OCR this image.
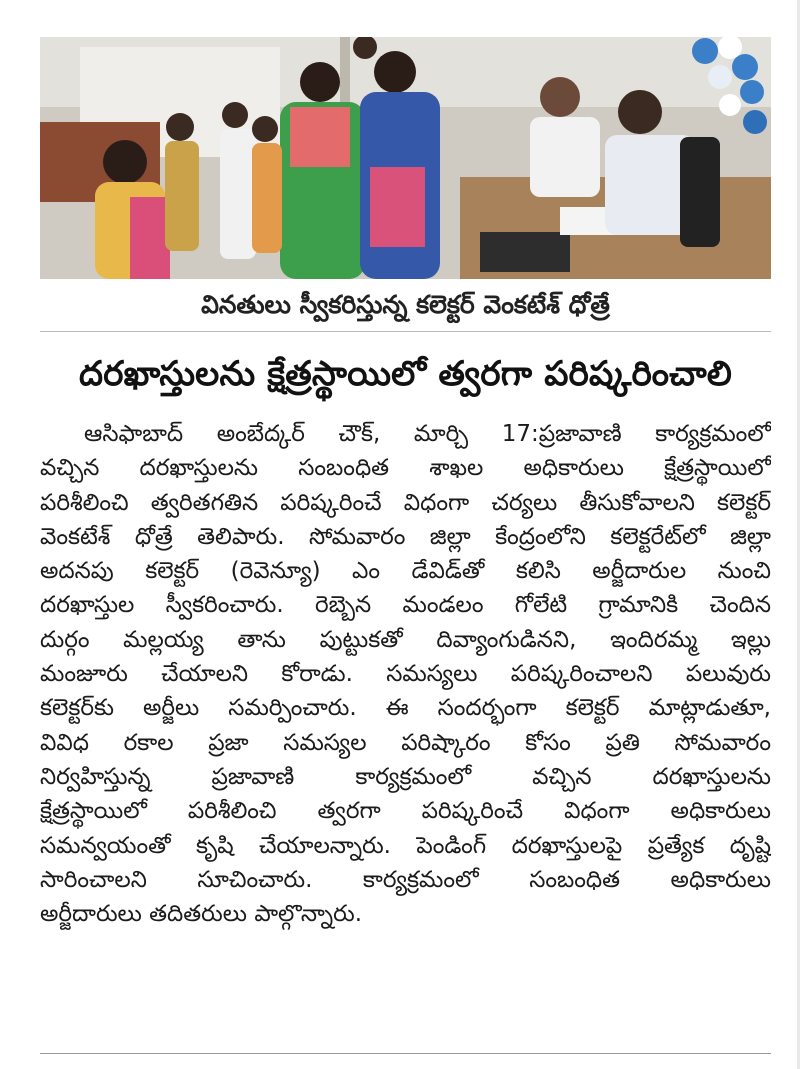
వినతులు స్వీకరిస్తున్న కలెక్టర్ వెంకటేశ్ ధోత్రే
దరఖాస్తులను క్షేత్రస్థాయిలో త్వరగా పరిష్కరించాలి
ఆసిఫాబాద్ అంబేద్కర్ చౌక్, మార్చి 17:ప్రజావాణి కార్యక్రమంలో
వచ్చిన దరఖాస్తులను సంబంధిత శాఖల అధికారులు క్షేత్రస్థాయిలో
పరిశీలించి త్వరితగతిన పరిష్కరించే విధంగా చర్యలు తీసుకోవాలని కలెక్టర్
వెంకటేశ్ ధోత్రే తెలిపారు. సోమవారం జిల్లా కేంద్రంలోని కలెక్టరేట్‌లో జిల్లా
అదనపు కలెక్టర్ (రెవెన్యూ) ఎం డేవిడ్‌తో కలిసి అర్జీదారుల నుంచి
దరఖాస్తుల స్వీకరించారు. రెబ్బెన మండలం గోలేటి గ్రామానికి చెందిన
దుర్గం మల్లయ్య తాను పుట్టుకతో దివ్యాంగుడినని, ఇందిరమ్మ ఇల్లు
మంజూరు చేయాలని కోరాడు. సమస్యలు పరిష్కరించాలని పలువురు
కలెక్టర్‌కు అర్జీలు సమర్పించారు. ఈ సందర్భంగా కలెక్టర్ మాట్లాడుతూ,
వివిధ రకాల ప్రజా సమస్యల పరిష్కారం కోసం ప్రతి సోమవారం
నిర్వహిస్తున్న ప్రజావాణి కార్యక్రమంలో వచ్చిన దరఖాస్తులను
క్షేత్రస్థాయిలో పరిశీలించి త్వరగా పరిష్కరించే విధంగా అధికారులు
సమన్వయంతో కృషి చేయాలన్నారు. పెండింగ్ దరఖాస్తులపై ప్రత్యేక దృష్టి
సారించాలని సూచించారు. కార్యక్రమంలో సంబంధిత అధికారులు
అర్జీదారులు తదితరులు పాల్గొన్నారు.
